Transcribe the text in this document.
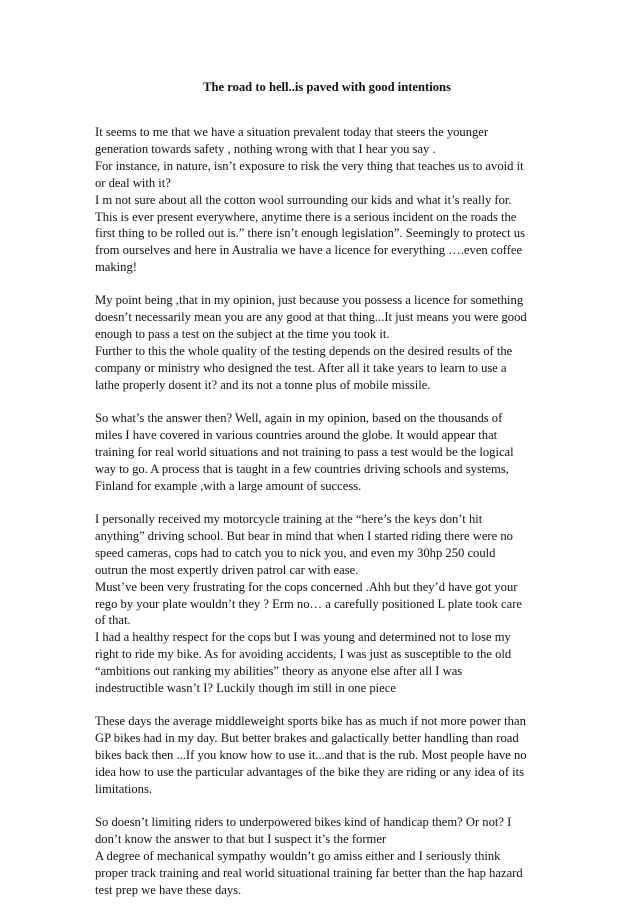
The road to hell..is paved with good intentions

It seems to me that we have a situation prevalent today that steers the younger
generation towards safety , nothing wrong with that I hear you say .
For instance, in nature, isn’t exposure to risk the very thing that teaches us to avoid it
or deal with it?
I m not sure about all the cotton wool surrounding our kids and what it’s really for.
This is ever present everywhere, anytime there is a serious incident on the roads the
first thing to be rolled out is.” there isn’t enough legislation”. Seemingly to protect us
from ourselves and here in Australia we have a licence for everything ….even coffee
making!

My point being ,that in my opinion, just because you possess a licence for something
doesn’t necessarily mean you are any good at that thing...It just means you were good
enough to pass a test on the subject at the time you took it.
Further to this the whole quality of the testing depends on the desired results of the
company or ministry who designed the test. After all it take years to learn to use a
lathe properly dosent it? and its not a tonne plus of mobile missile.

So what’s the answer then? Well, again in my opinion, based on the thousands of
miles I have covered in various countries around the globe. It would appear that
training for real world situations and not training to pass a test would be the logical
way to go. A process that is taught in a few countries driving schools and systems,
Finland for example ,with a large amount of success.

I personally received my motorcycle training at the “here’s the keys don’t hit
anything” driving school. But bear in mind that when I started riding there were no
speed cameras, cops had to catch you to nick you, and even my 30hp 250 could
outrun the most expertly driven patrol car with ease.
Must’ve been very frustrating for the cops concerned .Ahh but they’d have got your
rego by your plate wouldn’t they ? Erm no… a carefully positioned L plate took care
of that.
I had a healthy respect for the cops but I was young and determined not to lose my
right to ride my bike. As for avoiding accidents, I was just as susceptible to the old
“ambitions out ranking my abilities” theory as anyone else after all I was
indestructible wasn’t I? Luckily though im still in one piece

These days the average middleweight sports bike has as much if not more power than
GP bikes had in my day. But better brakes and galactically better handling than road
bikes back then ...If you know how to use it...and that is the rub. Most people have no
idea how to use the particular advantages of the bike they are riding or any idea of its
limitations.

So doesn’t limiting riders to underpowered bikes kind of handicap them? Or not? I
don’t know the answer to that but I suspect it’s the former
A degree of mechanical sympathy wouldn’t go amiss either and I seriously think
proper track training and real world situational training far better than the hap hazard
test prep we have these days.
